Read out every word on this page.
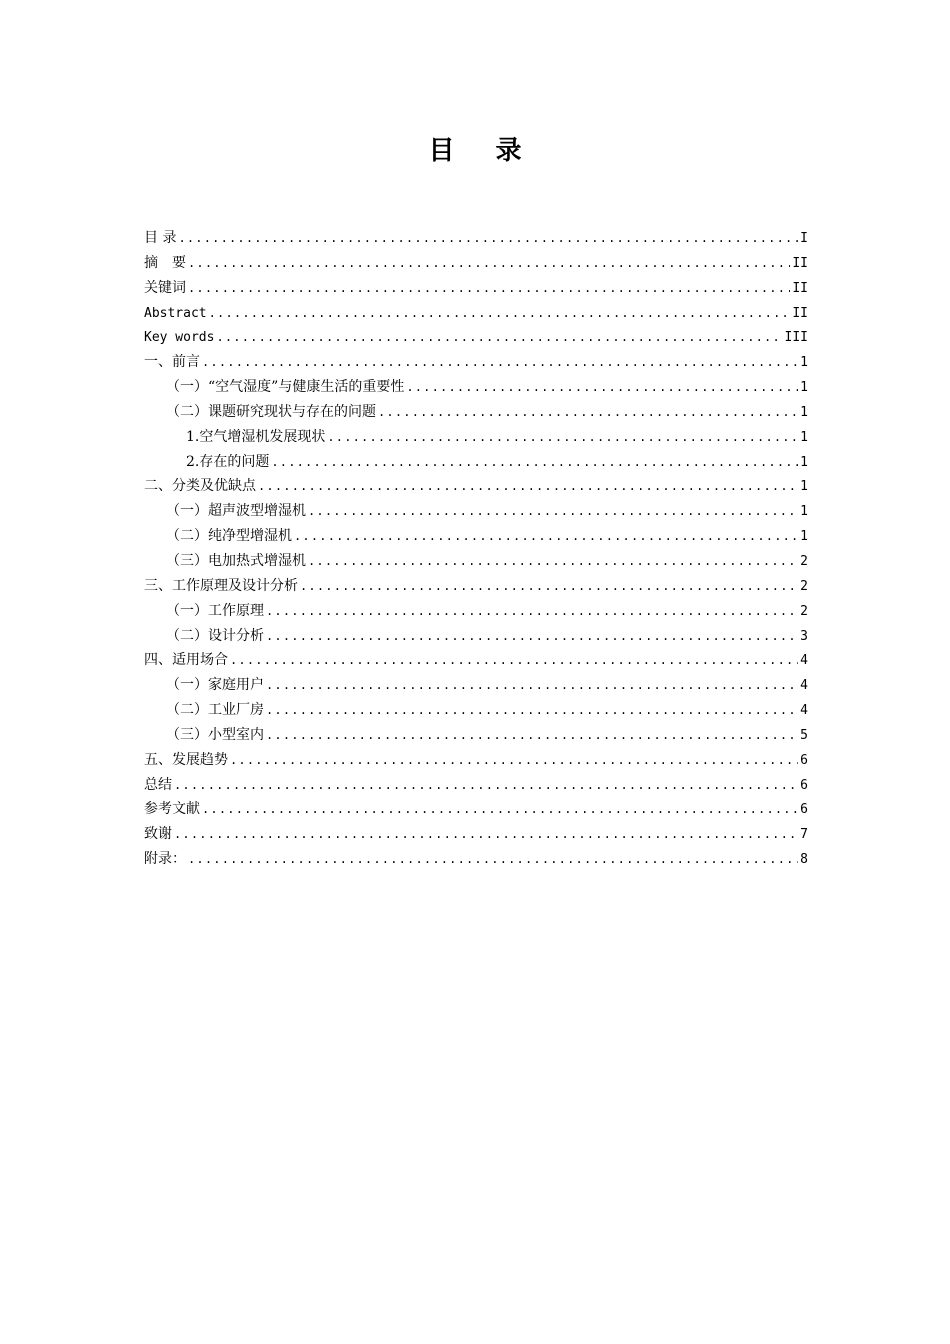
目 录
目 录 .....	I
摘　要 .....	II
关键词 .....	II
Abstract .....	II
Key words .....	III
一、前言 .....	1
（一）“空气湿度”与健康生活的重要性 .....	1
（二）课题研究现状与存在的问题 .....	1
1.空气增湿机发展现状 .....	1
2.存在的问题 .....	1
二、分类及优缺点 .....	1
（一）超声波型增湿机 .....	1
（二）纯净型增湿机 .....	1
（三）电加热式增湿机 .....	2
三、工作原理及设计分析 .....	2
（一）工作原理 .....	2
（二）设计分析 .....	3
四、适用场合 .....	4
（一）家庭用户 .....	4
（二）工业厂房 .....	4
（三）小型室内 .....	5
五、发展趋势 .....	6
总结 .....	6
参考文献 .....	6
致谢 .....	7
附录： .....	8
